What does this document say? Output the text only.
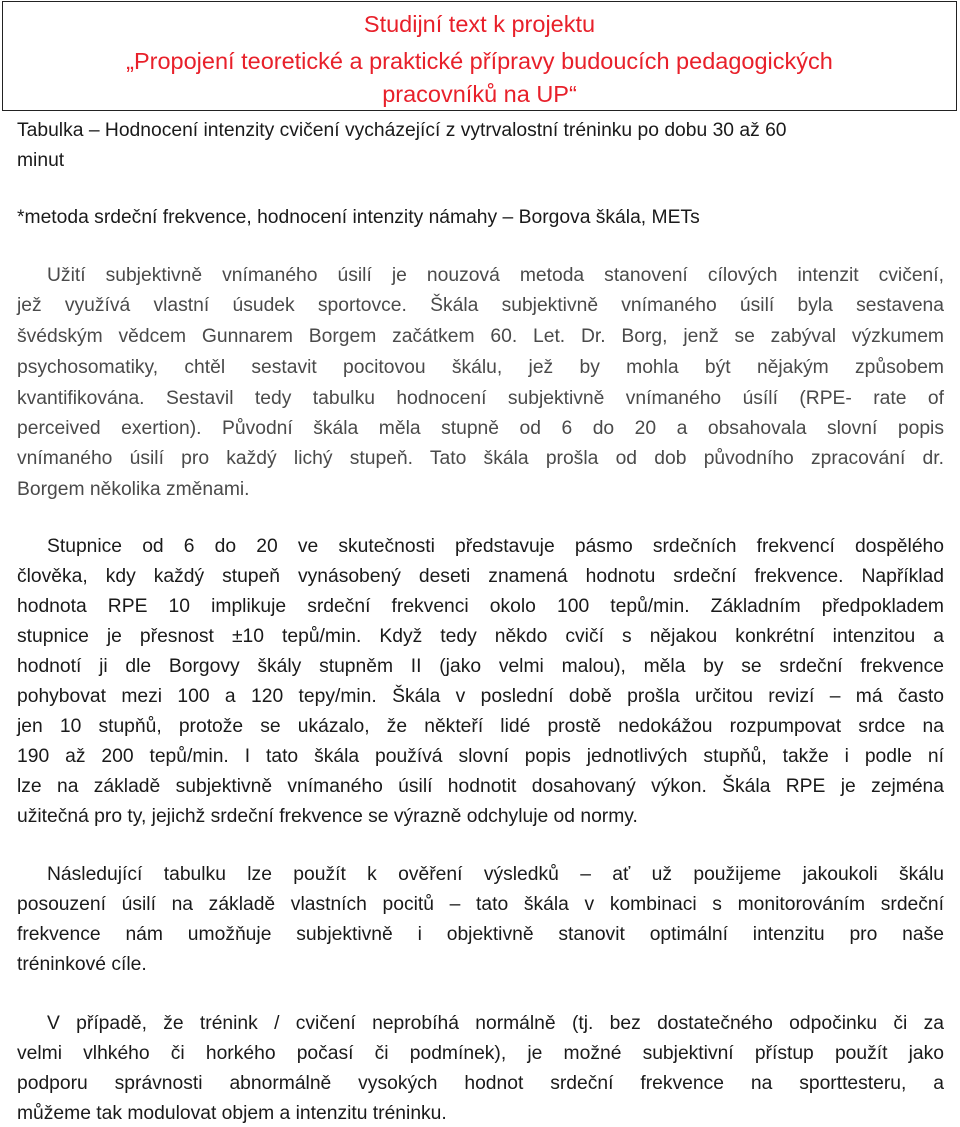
Studijní text k projektu
„Propojení teoretické a praktické přípravy budoucích pedagogických
pracovníků na UP“
Tabulka – Hodnocení intenzity cvičení vycházející z vytrvalostní tréninku po dobu 30 až 60
minut
*metoda srdeční frekvence, hodnocení intenzity námahy – Borgova škála, METs
Užití subjektivně vnímaného úsilí je nouzová metoda stanovení cílových intenzit cvičení,
jež využívá vlastní úsudek sportovce. Škála subjektivně vnímaného úsilí byla sestavena
švédským vědcem Gunnarem Borgem začátkem 60. Let. Dr. Borg, jenž se zabýval výzkumem
psychosomatiky, chtěl sestavit pocitovou škálu, jež by mohla být nějakým způsobem
kvantifikována. Sestavil tedy tabulku hodnocení subjektivně vnímaného úsílí (RPE- rate of
perceived exertion). Původní škála měla stupně od 6 do 20 a obsahovala slovní popis
vnímaného úsilí pro každý lichý stupeň. Tato škála prošla od dob původního zpracování dr.
Borgem několika změnami.
Stupnice od 6 do 20 ve skutečnosti představuje pásmo srdečních frekvencí dospělého
člověka, kdy každý stupeň vynásobený deseti znamená hodnotu srdeční frekvence. Například
hodnota RPE 10 implikuje srdeční frekvenci okolo 100 tepů/min. Základním předpokladem
stupnice je přesnost ±10 tepů/min. Když tedy někdo cvičí s nějakou konkrétní intenzitou a
hodnotí ji dle Borgovy škály stupněm II (jako velmi malou), měla by se srdeční frekvence
pohybovat mezi 100 a 120 tepy/min. Škála v poslední době prošla určitou revizí – má často
jen 10 stupňů, protože se ukázalo, že někteří lidé prostě nedokážou rozpumpovat srdce na
190 až 200 tepů/min. I tato škála používá slovní popis jednotlivých stupňů, takže i podle ní
lze na základě subjektivně vnímaného úsilí hodnotit dosahovaný výkon. Škála RPE je zejména
užitečná pro ty, jejichž srdeční frekvence se výrazně odchyluje od normy.
Následující tabulku lze použít k ověření výsledků – ať už použijeme jakoukoli škálu
posouzení úsilí na základě vlastních pocitů – tato škála v kombinaci s monitorováním srdeční
frekvence nám umožňuje subjektivně i objektivně stanovit optimální intenzitu pro naše
tréninkové cíle.
V případě, že trénink / cvičení neprobíhá normálně (tj. bez dostatečného odpočinku či za
velmi vlhkého či horkého počasí či podmínek), je možné subjektivní přístup použít jako
podporu správnosti abnormálně vysokých hodnot srdeční frekvence na sporttesteru, a
můžeme tak modulovat objem a intenzitu tréninku.
